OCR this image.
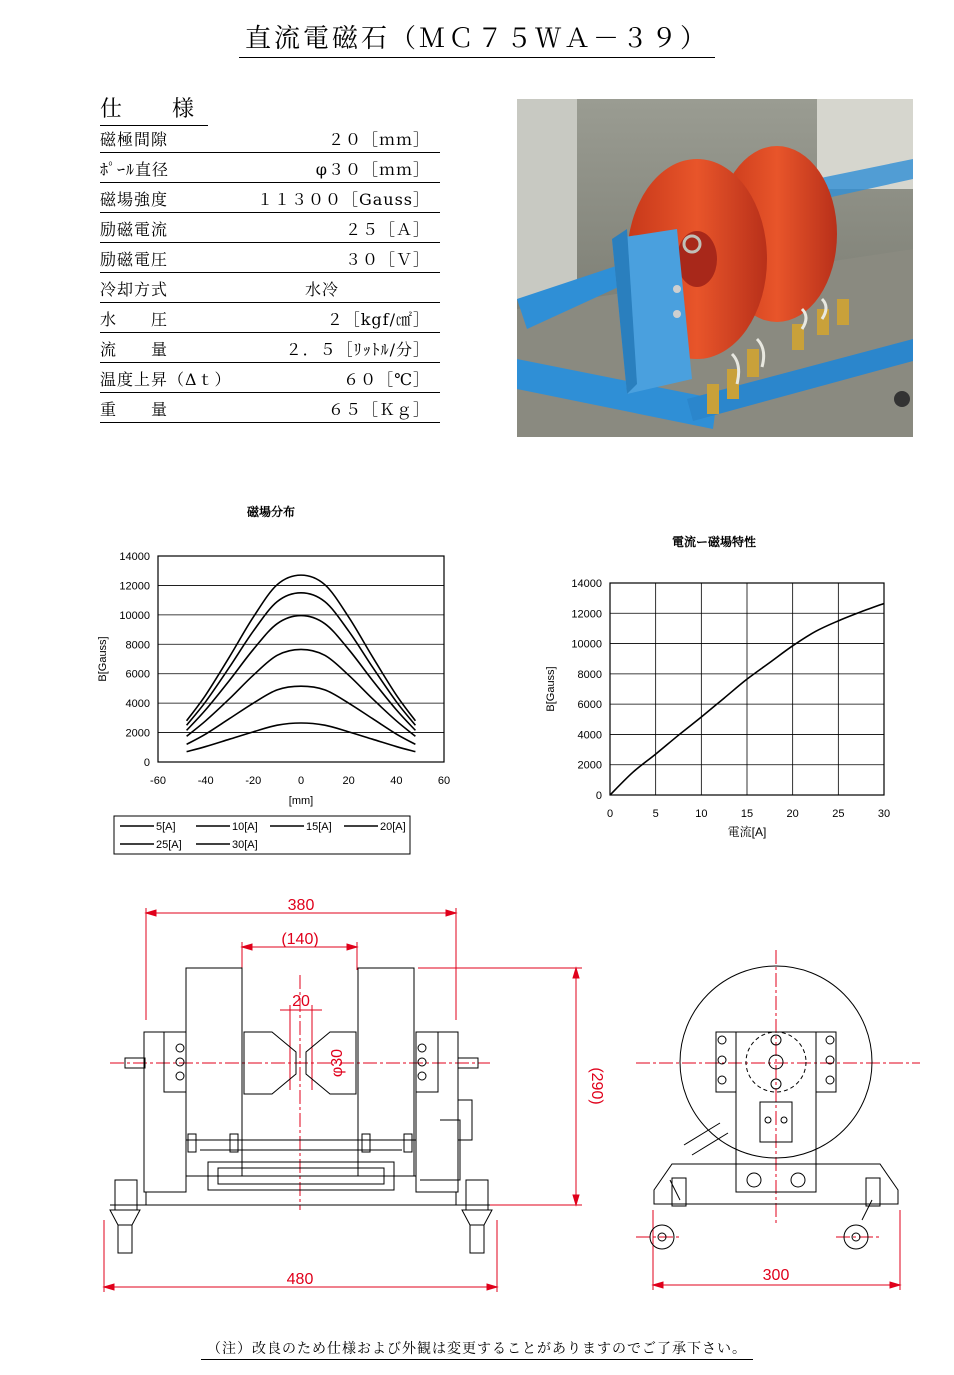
直流電磁石（ＭＣ７５ＷＡ－３９）
仕　様
磁極間隙	２０［ｍｍ］
ﾎﾟｰﾙ直径	φ３０［ｍｍ］
磁場強度	１１３００［Gauss］
励磁電流	２５［Ａ］
励磁電圧	３０［Ｖ］
冷却方式	水冷
水　　圧	２［kgf/㎠］
流　　量	２．５［ﾘｯﾄﾙ/分］
温度上昇（Δｔ）	６０［℃］
重　　量	６５［Ｋｇ］
磁場分布
0
2000
4000
6000
8000
10000
12000
14000
-60	-40	-20	0	20	40	60
B[Gauss]
[mm]
5[A]	10[A]	15[A]	20[A]
25[A]	30[A]
電流ー磁場特性
0
2000
4000
6000
8000
10000
12000
14000
0	5	10	15	20	25	30
B[Gauss]
電流[A]
380
(140)
20
φ30
(290)
480	300
（注）改良のため仕様および外観は変更することがありますのでご了承下さい。
